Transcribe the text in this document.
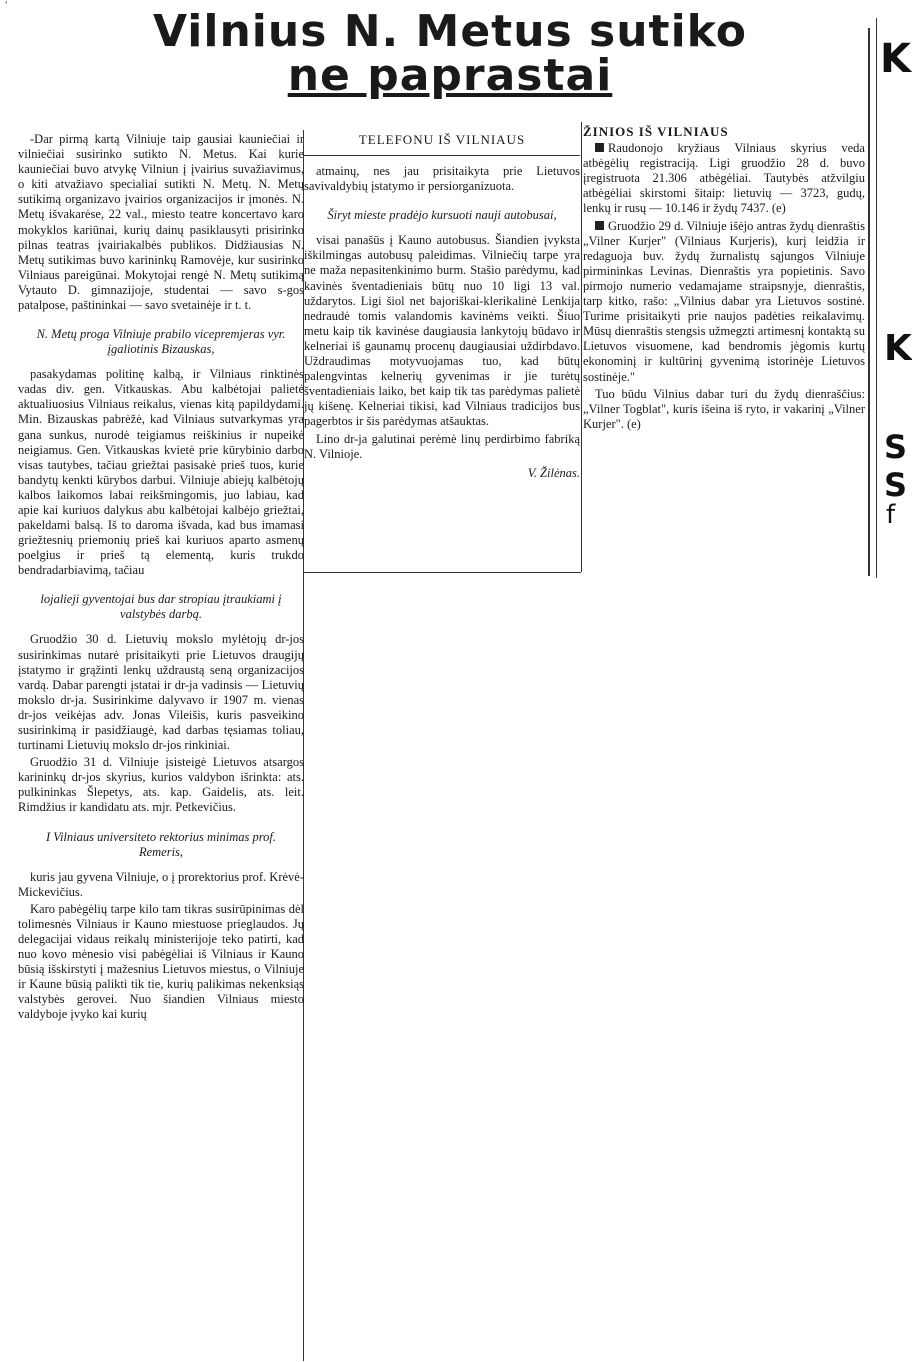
ʿ	Vilnius N. Metus sutiko
ne paprastai

-Dar pirmą kartą Vilniuje taip gausiai kauniečiai ir vilniečiai susirinko sutikto N. Metus. Kai kurie kauniečiai buvo atvykę Vilniun į įvairius suvažiavimus, o kiti atvažiavo specialiai sutikti N. Metų. N. Metų sutikimą organizavo įvairios organizacijos ir įmonės. N. Metų išvakarėse, 22 val., miesto teatre koncertavo karo mokyklos kariūnai, kurių dainų pasiklausyti prisirinko pilnas teatras įvairiakalbės publikos. Didžiausias N. Metų sutikimas buvo karininkų Ramovėje, kur susirinko Vilniaus pareigūnai. Mokytojai rengė N. Metų sutikimą Vytauto D. gimnazijoje, studentai — savo s-gos patalpose, paštininkai — savo svetainėje ir t. t.

N. Metų proga Vilniuje prabilo vicepremjeras vyr. įgaliotinis Bizauskas,

pasakydamas politinę kalbą, ir Vilniaus rinktinės vadas div. gen. Vitkauskas. Abu kalbėtojai palietė aktualiuosius Vilniaus reikalus, vienas kitą papildydami. Min. Bizauskas pabrėžė, kad Vilniaus sutvarkymas yra gana sunkus, nurodė teigiamus reiškinius ir nupeikė neigiamus. Gen. Vitkauskas kvietė prie kūrybinio darbo visas tautybes, tačiau griežtai pasisakė prieš tuos, kurie bandytų kenkti kūrybos darbui. Vilniuje abiejų kalbėtojų kalbos laikomos labai reikšmingomis, juo labiau, kad apie kai kuriuos dalykus abu kalbėtojai kalbėjo griežtai, pakeldami balsą. Iš to daroma išvada, kad bus imamasi griežtesnių priemonių prieš kai kuriuos aparto asmenų poelgius ir prieš tą elementą, kuris trukdo bendradarbiavimą, tačiau

lojalieji gyventojai bus dar stropiau įtraukiami į valstybės darbą.

Gruodžio 30 d. Lietuvių mokslo mylėtojų dr-jos susirinkimas nutarė prisitaikyti prie Lietuvos draugijų įstatymo ir grąžinti lenkų uždraustą seną organizacijos vardą. Dabar parengti įstatai ir dr-ja vadinsis — Lietuvių mokslo dr-ja. Susirinkime dalyvavo ir 1907 m. vienas dr-jos veikėjas adv. Jonas Vileišis, kuris pasveikino susirinkimą ir pasidžiaugė, kad darbas tęsiamas toliau, turtinami Lietuvių mokslo dr-jos rinkiniai.

Gruodžio 31 d. Vilniuje įsisteigė Lietuvos atsargos karininkų dr-jos skyrius, kurios valdybon išrinkta: ats. pulkininkas Šlepetys, ats. kap. Gaidelis, ats. leit. Rimdžius ir kandidatu ats. mjr. Petkevičius.

I Vilniaus universiteto rektorius minimas prof. Remeris,

kuris jau gyvena Vilniuje, o į prorektorius prof. Krėvė-Mickevičius.

Karo pabėgėlių tarpe kilo tam tikras susirūpinimas dėl tolimesnės Vilniaus ir Kauno miestuose prieglaudos. Jų delegacijai vidaus reikalų ministerijoje teko patirti, kad nuo kovo mėnesio visi pabėgėliai iš Vilniaus ir Kauno būsią išskirstyti į mažesnius Lietuvos miestus, o Vilniuje ir Kaune būsią palikti tik tie, kurių palikimas nekenksiąs valstybės gerovei. Nuo šiandien Vilniaus miesto valdyboje įvyko kai kurių

TELEFONU IŠ VILNIAUS

atmainų, nes jau prisitaikyta prie Lietuvos savivaldybių įstatymo ir persiorganizuota.

Širyt mieste pradėjo kursuoti nauji autobusai,

visai panašūs į Kauno autobusus. Šiandien įvyksta iškilmingas autobusų paleidimas. Vilniečių tarpe yra ne maža nepasitenkinimo burm. Stašio parėdymu, kad kavinės šventadieniais būtų nuo 10 ligi 13 val. uždarytos. Ligi šiol net bajoriškai-klerikalinė Lenkija nedraudė tomis valandomis kavinėms veikti. Šiuo metu kaip tik kavinėse daugiausia lankytojų būdavo ir kelneriai iš gaunamų procenų daugiausiai uždirbdavo. Uždraudimas motyvuojamas tuo, kad būtų palengvintas kelnerių gyvenimas ir jie turėtų šventadieniais laiko, bet kaip tik tas parėdymas palietė jų kišenę. Kelneriai tikisi, kad Vilniaus tradicijos bus pagerbtos ir šis parėdymas atšauktas.

Lino dr-ja galutinai perėmė linų perdirbimo fabriką N. Vilnioje.

V. Žilėnas.
ŽINIOS IŠ VILNIAUS

Raudonojo kryžiaus Vilniaus skyrius veda atbėgėlių registraciją. Ligi gruodžio 28 d. buvo įregistruota 21.306 atbėgėliai. Tautybės atžvilgiu atbėgėliai skirstomi šitaip: lietuvių — 3723, gudų, lenkų ir rusų — 10.146 ir žydų 7437. (e)

Gruodžio 29 d. Vilniuje išėjo antras žydų dienraštis „Vilner Kurjer" (Vilniaus Kurjeris), kurį leidžia ir redaguoja buv. žydų žurnalistų sąjungos Vilniuje pirmininkas Levinas. Dienraštis yra popietinis. Savo pirmojo numerio vedamajame straipsnyje, dienraštis, tarp kitko, rašo: „Vilnius dabar yra Lietuvos sostinė. Turime prisitaikyti prie naujos padėties reikalavimų. Mūsų dienraštis stengsis užmegzti artimesnį kontaktą su Lietuvos visuomene, kad bendromis jėgomis kurtų ekonominį ir kultūrinį gyvenimą istorinėje Lietuvos sostinėje."

Tuo būdu Vilnius dabar turi du žydų dienraščius: „Vilner Togblat", kuris išeina iš ryto, ir vakarinį „Vilner Kurjer". (e)

K
K
S
S
f
